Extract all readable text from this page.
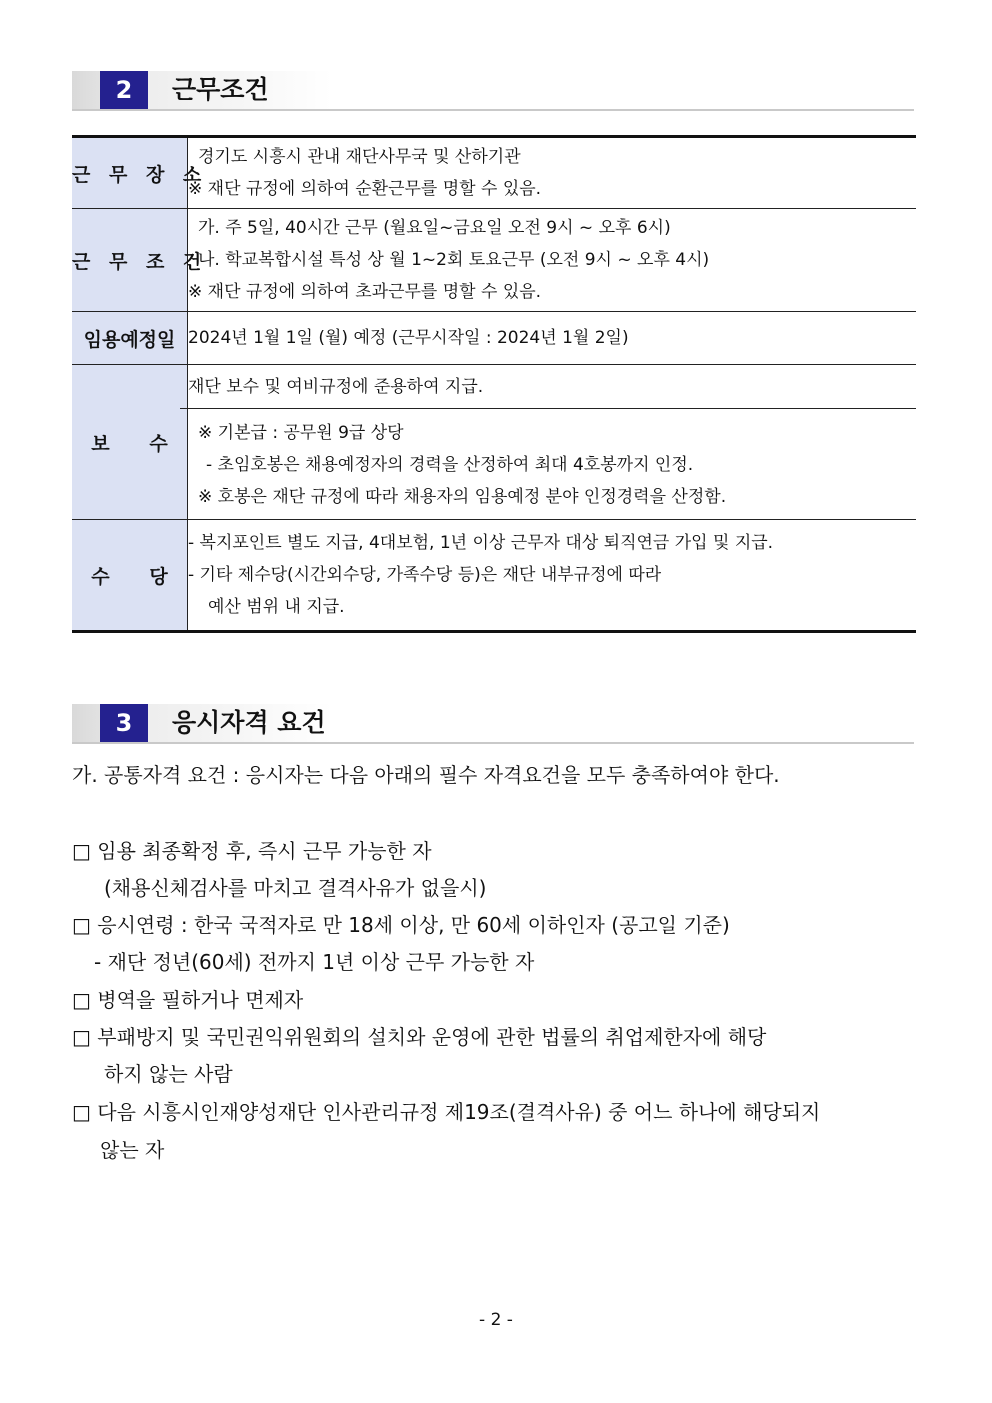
2	근무조건
근 무 장 소	경기도 시흥시 관내 재단사무국 및 산하기관
※ 재단 규정에 의하여 순환근무를 명할 수 있음.

근 무 조 건	가. 주 5일, 40시간 근무 (월요일~금요일 오전 9시 ~ 오후 6시)
나. 학교복합시설 특성 상 월 1~2회 토요근무 (오전 9시 ~ 오후 4시)
※ 재단 규정에 의하여 초과근무를 명할 수 있음.

임용예정일	2024년 1월 1일 (월) 예정 (근무시작일 : 2024년 1월 2일)

보      수	재단 보수 및 여비규정에 준용하여 지급.
※ 기본급 : 공무원 9급 상당
- 초임호봉은 채용예정자의 경력을 산정하여 최대 4호봉까지 인정.
※ 호봉은 재단 규정에 따라 채용자의 임용예정 분야 인정경력을 산정함.

수      당	- 복지포인트 별도 지급, 4대보험, 1년 이상 근무자 대상 퇴직연금 가입 및 지급.
- 기타 제수당(시간외수당, 가족수당 등)은 재단 내부규정에 따라
예산 범위 내 지급.
3	응시자격 요건
가. 공통자격 요건 : 응시자는 다음 아래의 필수 자격요건을 모두 충족하여야 한다.
□ 임용 최종확정 후, 즉시 근무 가능한 자
(채용신체검사를 마치고 결격사유가 없을시)
□ 응시연령 : 한국 국적자로 만 18세 이상, 만 60세 이하인자 (공고일 기준)
- 재단 정년(60세) 전까지 1년 이상 근무 가능한 자
□ 병역을 필하거나 면제자
□ 부패방지 및 국민권익위원회의 설치와 운영에 관한 법률의 취업제한자에 해당
하지 않는 사람
□ 다음 시흥시인재양성재단 인사관리규정 제19조(결격사유) 중 어느 하나에 해당되지
않는 자
- 2 -
